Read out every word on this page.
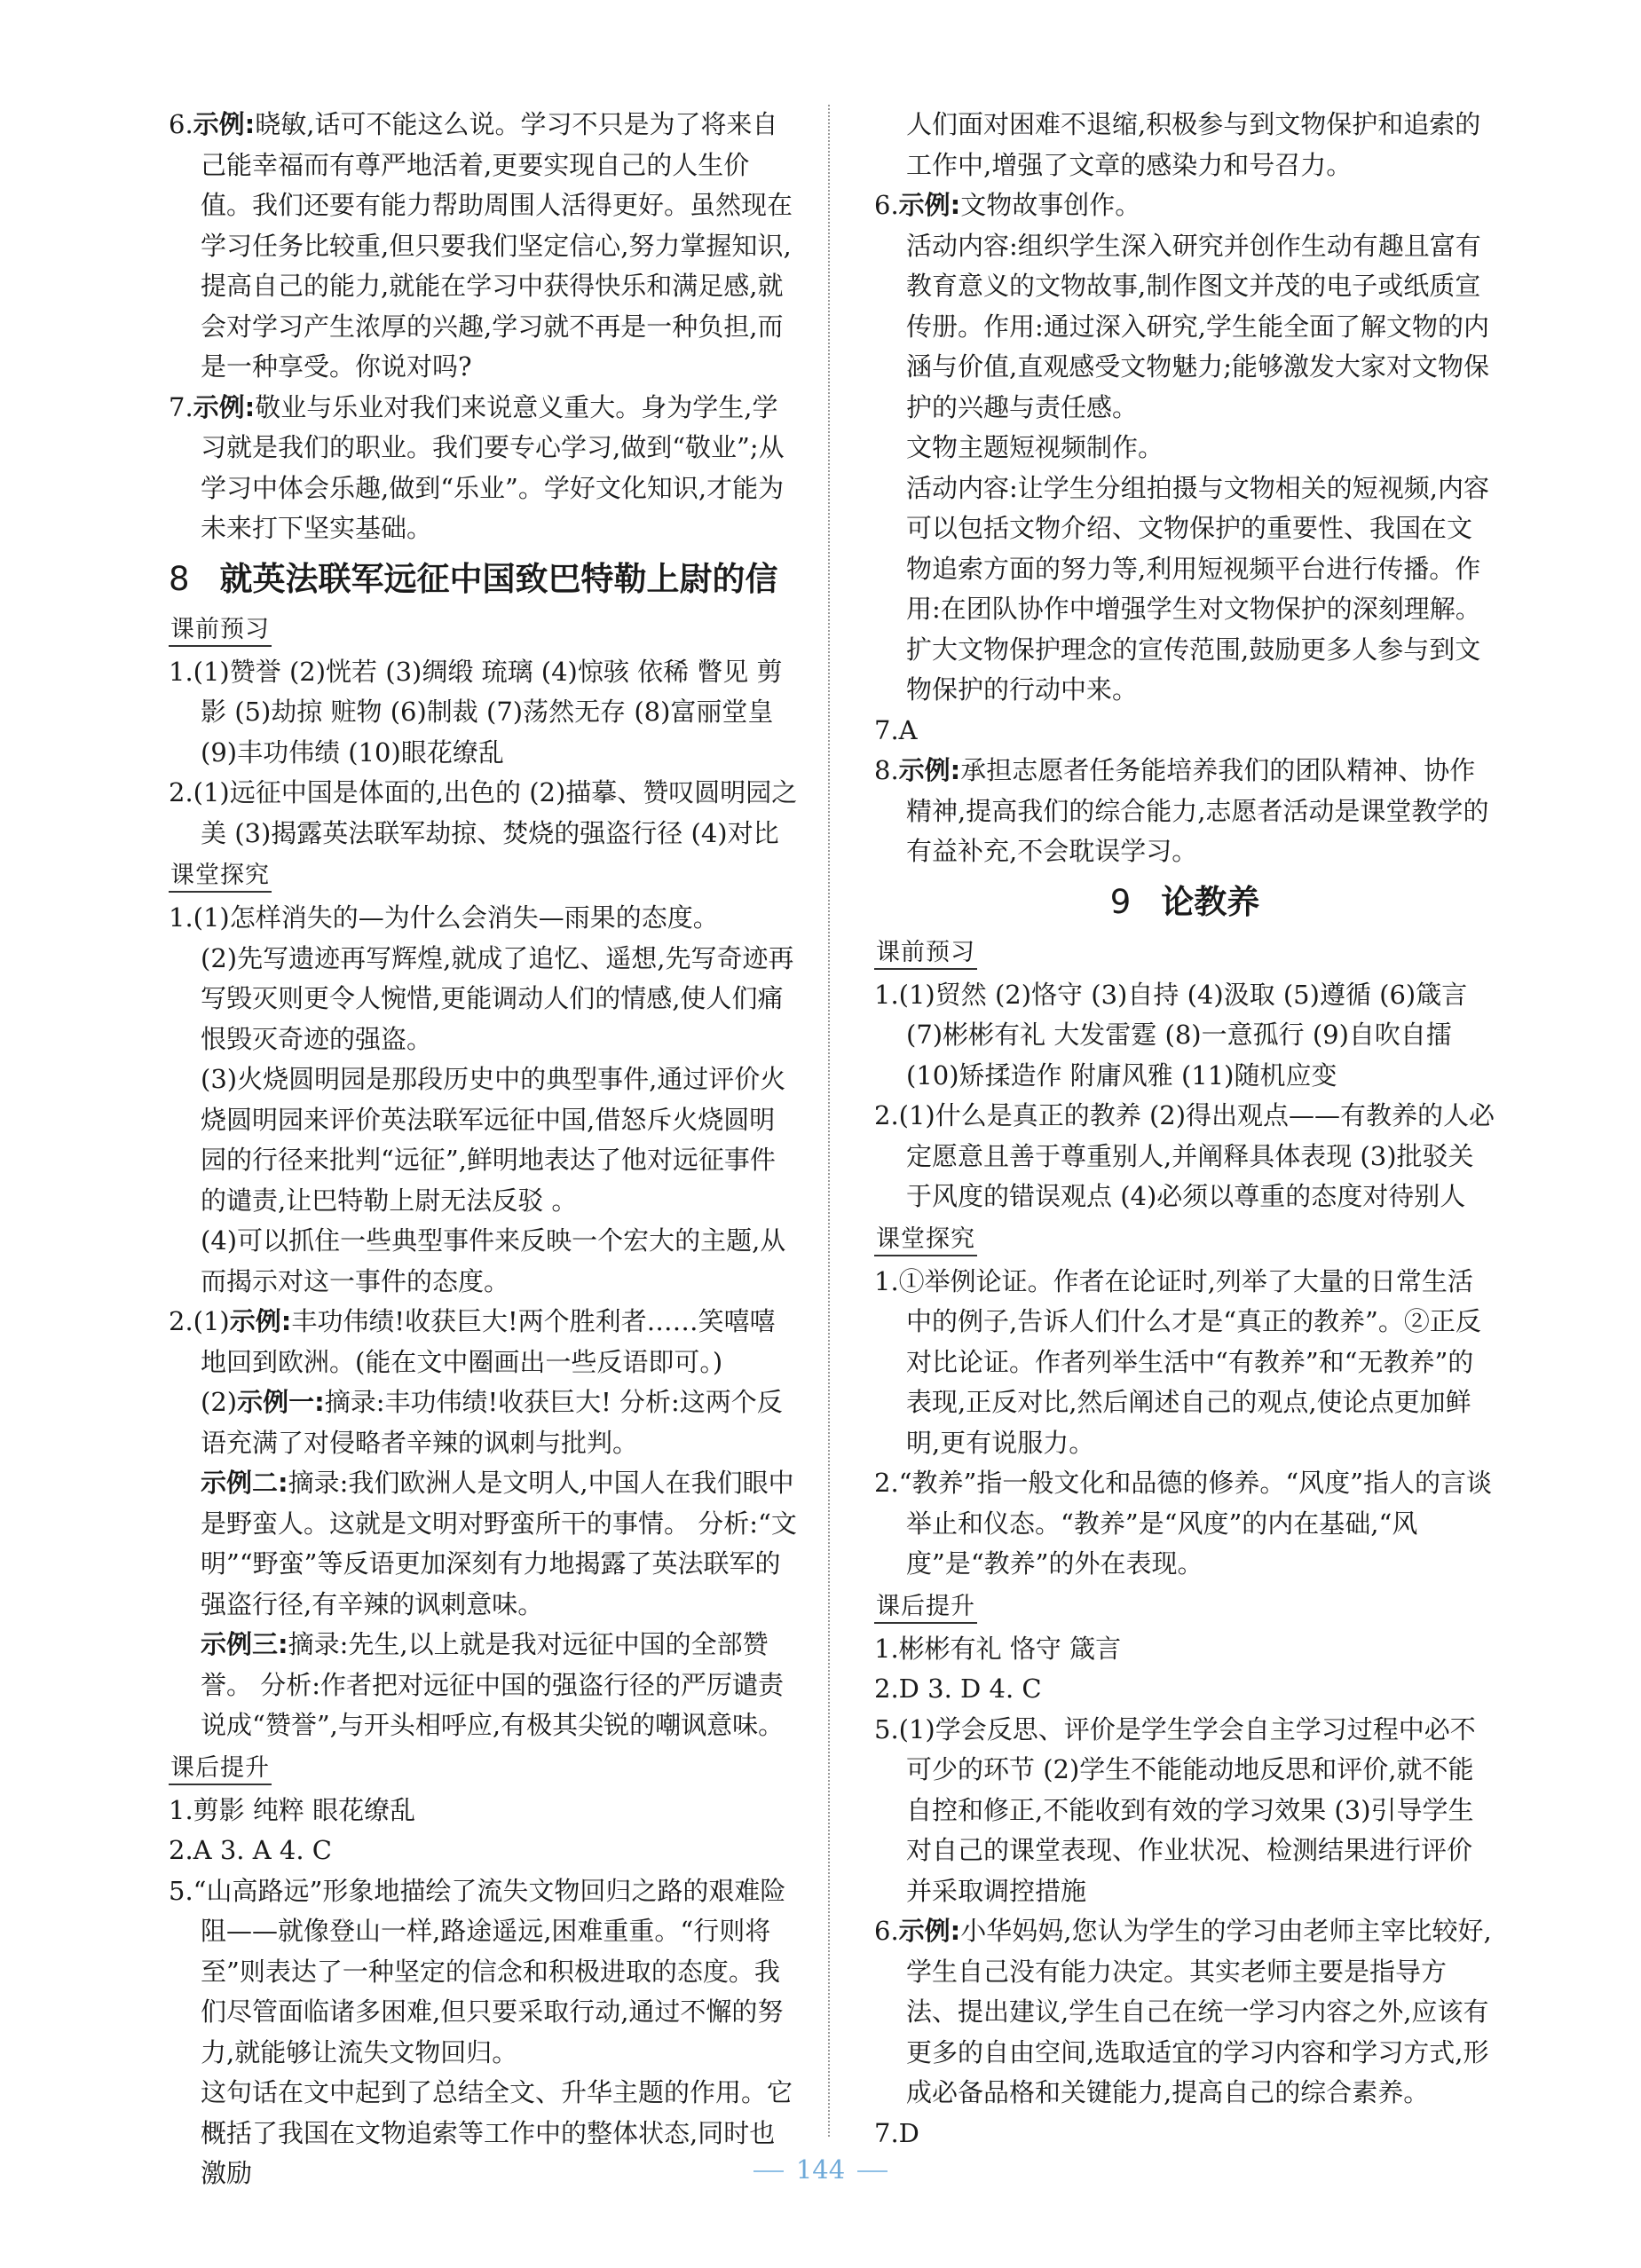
6.示例:晓敏,话可不能这么说。学习不只是为了将来自己能幸福而有尊严地活着,更要实现自己的人生价值。我们还要有能力帮助周围人活得更好。虽然现在学习任务比较重,但只要我们坚定信心,努力掌握知识,提高自己的能力,就能在学习中获得快乐和满足感,就会对学习产生浓厚的兴趣,学习就不再是一种负担,而是一种享受。你说对吗?

7.示例:敬业与乐业对我们来说意义重大。身为学生,学习就是我们的职业。我们要专心学习,做到“敬业”;从学习中体会乐趣,做到“乐业”。学好文化知识,才能为未来打下坚实基础。

8 就英法联军远征中国致巴特勒上尉的信
课前预习

1.(1)赞誉 (2)恍若 (3)绸缎 琉璃 (4)惊骇 依稀 瞥见 剪影 (5)劫掠 赃物 (6)制裁 (7)荡然无存 (8)富丽堂皇 (9)丰功伟绩 (10)眼花缭乱

2.(1)远征中国是体面的,出色的 (2)描摹、赞叹圆明园之美 (3)揭露英法联军劫掠、焚烧的强盗行径 (4)对比

课堂探究

1.(1)怎样消失的—为什么会消失—雨果的态度。

(2)先写遗迹再写辉煌,就成了追忆、遥想,先写奇迹再写毁灭则更令人惋惜,更能调动人们的情感,使人们痛恨毁灭奇迹的强盗。

(3)火烧圆明园是那段历史中的典型事件,通过评价火烧圆明园来评价英法联军远征中国,借怒斥火烧圆明园的行径来批判“远征”,鲜明地表达了他对远征事件的谴责,让巴特勒上尉无法反驳 。

(4)可以抓住一些典型事件来反映一个宏大的主题,从而揭示对这一事件的态度。

2.(1)示例:丰功伟绩!收获巨大!两个胜利者……笑嘻嘻地回到欧洲。(能在文中圈画出一些反语即可。)

(2)示例一:摘录:丰功伟绩!收获巨大! 分析:这两个反语充满了对侵略者辛辣的讽刺与批判。

示例二:摘录:我们欧洲人是文明人,中国人在我们眼中是野蛮人。这就是文明对野蛮所干的事情。 分析:“文明”“野蛮”等反语更加深刻有力地揭露了英法联军的强盗行径,有辛辣的讽刺意味。

示例三:摘录:先生,以上就是我对远征中国的全部赞誉。 分析:作者把对远征中国的强盗行径的严厉谴责说成“赞誉”,与开头相呼应,有极其尖锐的嘲讽意味。

课后提升

1.剪影 纯粹 眼花缭乱

2.A 3. A 4. C

5.“山高路远”形象地描绘了流失文物回归之路的艰难险阻——就像登山一样,路途遥远,困难重重。“行则将至”则表达了一种坚定的信念和积极进取的态度。我们尽管面临诸多困难,但只要采取行动,通过不懈的努力,就能够让流失文物回归。

这句话在文中起到了总结全文、升华主题的作用。它概括了我国在文物追索等工作中的整体状态,同时也激励

人们面对困难不退缩,积极参与到文物保护和追索的工作中,增强了文章的感染力和号召力。

6.示例:文物故事创作。

活动内容:组织学生深入研究并创作生动有趣且富有教育意义的文物故事,制作图文并茂的电子或纸质宣传册。作用:通过深入研究,学生能全面了解文物的内涵与价值,直观感受文物魅力;能够激发大家对文物保护的兴趣与责任感。

文物主题短视频制作。

活动内容:让学生分组拍摄与文物相关的短视频,内容可以包括文物介绍、文物保护的重要性、我国在文物追索方面的努力等,利用短视频平台进行传播。作用:在团队协作中增强学生对文物保护的深刻理解。扩大文物保护理念的宣传范围,鼓励更多人参与到文物保护的行动中来。

7.A

8.示例:承担志愿者任务能培养我们的团队精神、协作精神,提高我们的综合能力,志愿者活动是课堂教学的有益补充,不会耽误学习。

9 论教养
课前预习

1.(1)贸然 (2)恪守 (3)自持 (4)汲取 (5)遵循 (6)箴言 (7)彬彬有礼 大发雷霆 (8)一意孤行 (9)自吹自擂 (10)矫揉造作 附庸风雅 (11)随机应变

2.(1)什么是真正的教养 (2)得出观点——有教养的人必定愿意且善于尊重别人,并阐释具体表现 (3)批驳关于风度的错误观点 (4)必须以尊重的态度对待别人

课堂探究

1.①举例论证。作者在论证时,列举了大量的日常生活中的例子,告诉人们什么才是“真正的教养”。②正反对比论证。作者列举生活中“有教养”和“无教养”的表现,正反对比,然后阐述自己的观点,使论点更加鲜明,更有说服力。

2.“教养”指一般文化和品德的修养。“风度”指人的言谈举止和仪态。“教养”是“风度”的内在基础,“风度”是“教养”的外在表现。

课后提升

1.彬彬有礼 恪守 箴言

2.D 3. D 4. C

5.(1)学会反思、评价是学生学会自主学习过程中必不可少的环节 (2)学生不能能动地反思和评价,就不能自控和修正,不能收到有效的学习效果 (3)引导学生对自己的课堂表现、作业状况、检测结果进行评价并采取调控措施

6.示例:小华妈妈,您认为学生的学习由老师主宰比较好,学生自己没有能力决定。其实老师主要是指导方法、提出建议,学生自己在统一学习内容之外,应该有更多的自由空间,选取适宜的学习内容和学习方式,形成必备品格和关键能力,提高自己的综合素养。

7.D

144
